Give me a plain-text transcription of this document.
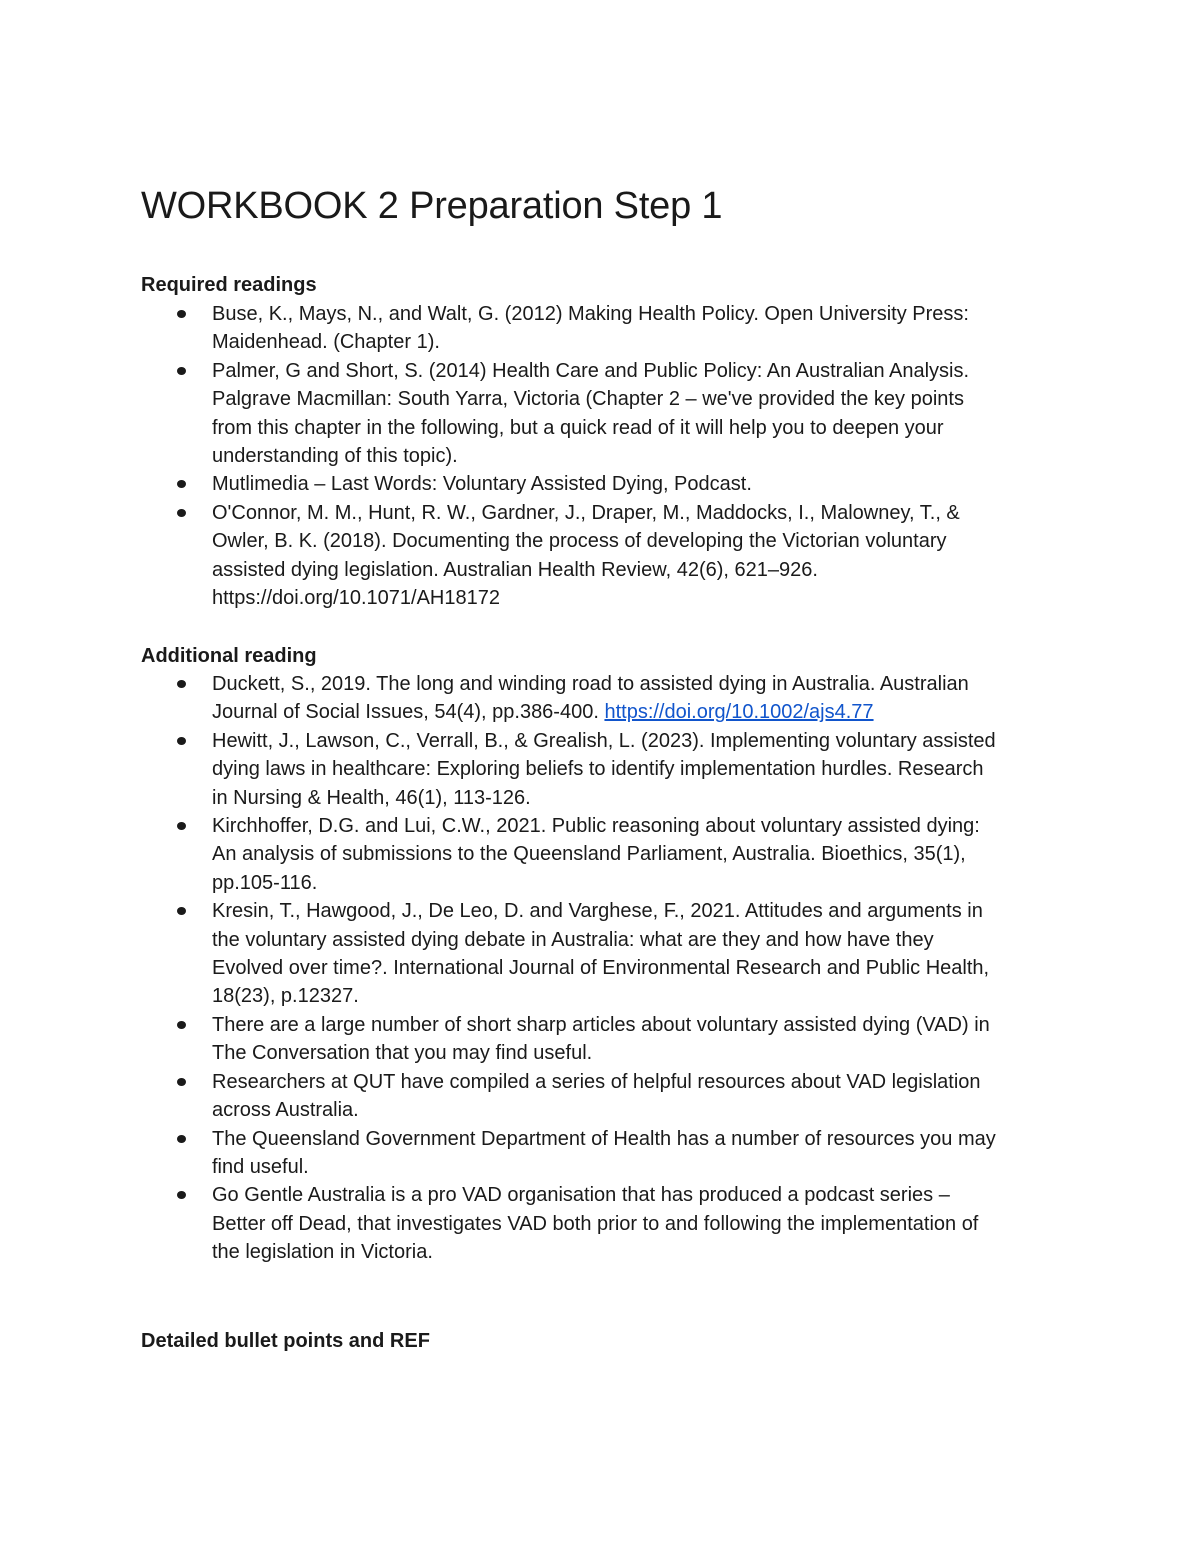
WORKBOOK 2 Preparation Step 1
Required readings
Buse, K., Mays, N., and Walt, G. (2012) Making Health Policy. Open University Press:
Maidenhead. (Chapter 1).
Palmer, G and Short, S. (2014) Health Care and Public Policy: An Australian Analysis.
Palgrave Macmillan: South Yarra, Victoria (Chapter 2 – we've provided the key points
from this chapter in the following, but a quick read of it will help you to deepen your
understanding of this topic).
Mutlimedia – Last Words: Voluntary Assisted Dying, Podcast.
O'Connor, M. M., Hunt, R. W., Gardner, J., Draper, M., Maddocks, I., Malowney, T., &
Owler, B. K. (2018). Documenting the process of developing the Victorian voluntary
assisted dying legislation. Australian Health Review, 42(6), 621–926.
https://doi.org/10.1071/AH18172
Additional reading
Duckett, S., 2019. The long and winding road to assisted dying in Australia. Australian
Journal of Social Issues, 54(4), pp.386-400. https://doi.org/10.1002/ajs4.77
Hewitt, J., Lawson, C., Verrall, B., & Grealish, L. (2023). Implementing voluntary assisted
dying laws in healthcare: Exploring beliefs to identify implementation hurdles. Research
in Nursing & Health, 46(1), 113-126.
Kirchhoffer, D.G. and Lui, C.W., 2021. Public reasoning about voluntary assisted dying:
An analysis of submissions to the Queensland Parliament, Australia. Bioethics, 35(1),
pp.105-116.
Kresin, T., Hawgood, J., De Leo, D. and Varghese, F., 2021. Attitudes and arguments in
the voluntary assisted dying debate in Australia: what are they and how have they
Evolved over time?. International Journal of Environmental Research and Public Health,
18(23), p.12327.
There are a large number of short sharp articles about voluntary assisted dying (VAD) in
The Conversation that you may find useful.
Researchers at QUT have compiled a series of helpful resources about VAD legislation
across Australia.
The Queensland Government Department of Health has a number of resources you may
find useful.
Go Gentle Australia is a pro VAD organisation that has produced a podcast series –
Better off Dead, that investigates VAD both prior to and following the implementation of
the legislation in Victoria.
Detailed bullet points and REF
